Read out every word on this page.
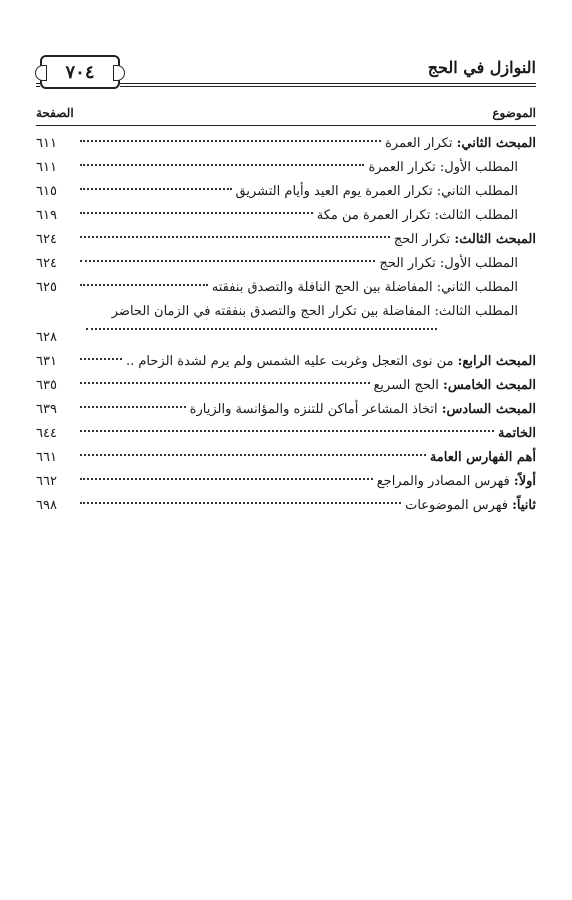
النوازل في الحج
٧٠٤
الموضوع
الصفحة
المبحث الثاني: تكرار العمرة
٦١١
المطلب الأول: تكرار العمرة
٦١١
المطلب الثاني: تكرار العمرة يوم العيد وأيام التشريق
٦١٥
المطلب الثالث: تكرار العمرة من مكة
٦١٩
المبحث الثالث: تكرار الحج
٦٢٤
المطلب الأول: تكرار الحج
٦٢٤
المطلب الثاني: المفاضلة بين الحج النافلة والتصدق بنفقته
٦٢٥
المطلب الثالث: المفاضلة بين تكرار الحج والتصدق بنفقته في الزمان الحاضر
٦٢٨
المبحث الرابع: من نوى التعجل وغربت عليه الشمس ولم يرم لشدة الزحام ..
٦٣١
المبحث الخامس: الحج السريع
٦٣٥
المبحث السادس: اتخاذ المشاعر أماكن للتنزه والمؤانسة والزيارة
٦٣٩
الخاتمة
٦٤٤
أهم الفهارس العامة
٦٦١
أولاً: فهرس المصادر والمراجع
٦٦٢
ثانياً: فهرس الموضوعات
٦٩٨
